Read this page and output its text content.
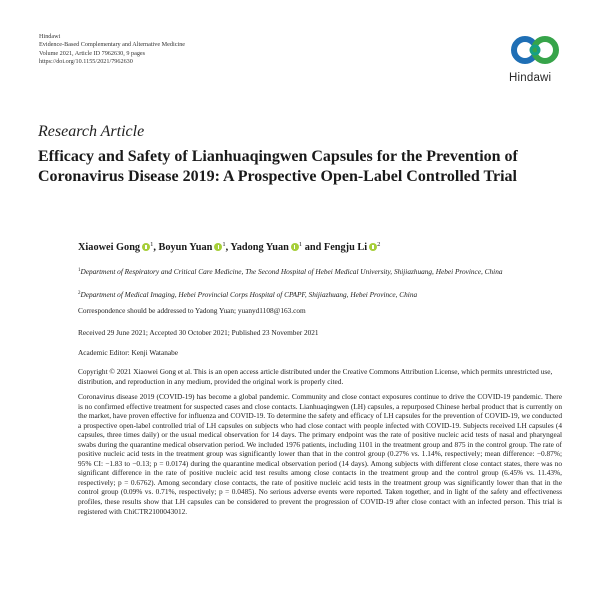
Hindawi
Evidence-Based Complementary and Alternative Medicine
Volume 2021, Article ID 7962630, 9 pages
https://doi.org/10.1155/2021/7962630
Hindawi
Research Article
Efficacy and Safety of Lianhuaqingwen Capsules for the Prevention of Coronavirus Disease 2019: A Prospective Open-Label Controlled Trial
Xiaowei Gong $^1$, Boyun Yuan $^1$, Yadong Yuan $^1$ and Fengju Li $^2$
$^1$Department of Respiratory and Critical Care Medicine, The Second Hospital of Hebei Medical University, Shijiazhuang, Hebei Province, China
$^2$Department of Medical Imaging, Hebei Provincial Corps Hospital of CPAPF, Shijiazhuang, Hebei Province, China
Correspondence should be addressed to Yadong Yuan; yuanyd1108@163.com
Received 29 June 2021; Accepted 30 October 2021; Published 23 November 2021
Academic Editor: Kenji Watanabe
Copyright © 2021 Xiaowei Gong et al. This is an open access article distributed under the Creative Commons Attribution License, which permits unrestricted use, distribution, and reproduction in any medium, provided the original work is properly cited.
Coronavirus disease 2019 (COVID-19) has become a global pandemic. Community and close contact exposures continue to drive the COVID-19 pandemic. There is no confirmed effective treatment for suspected cases and close contacts. Lianhuaqingwen (LH) capsules, a repurposed Chinese herbal product that is currently on the market, have proven effective for influenza and COVID-19. To determine the safety and efficacy of LH capsules for the prevention of COVID-19, we conducted a prospective open-label controlled trial of LH capsules on subjects who had close contact with people infected with COVID-19. Subjects received LH capsules (4 capsules, three times daily) or the usual medical observation for 14 days. The primary endpoint was the rate of positive nucleic acid tests of nasal and pharyngeal swabs during the quarantine medical observation period. We included 1976 patients, including 1101 in the treatment group and 875 in the control group. The rate of positive nucleic acid tests in the treatment group was significantly lower than that in the control group (0.27% vs. 1.14%, respectively; mean difference: −0.87%; 95% CI: −1.83 to −0.13; p = 0.0174) during the quarantine medical observation period (14 days). Among subjects with different close contact states, there was no significant difference in the rate of positive nucleic acid test results among close contacts in the treatment group and the control group (6.45% vs. 11.43%, respectively; p = 0.6762). Among secondary close contacts, the rate of positive nucleic acid tests in the treatment group was significantly lower than that in the control group (0.09% vs. 0.71%, respectively; p = 0.0485). No serious adverse events were reported. Taken together, and in light of the safety and effectiveness profiles, these results show that LH capsules can be considered to prevent the progression of COVID-19 after close contact with an infected person. This trial is registered with ChiCTR2100043012.
